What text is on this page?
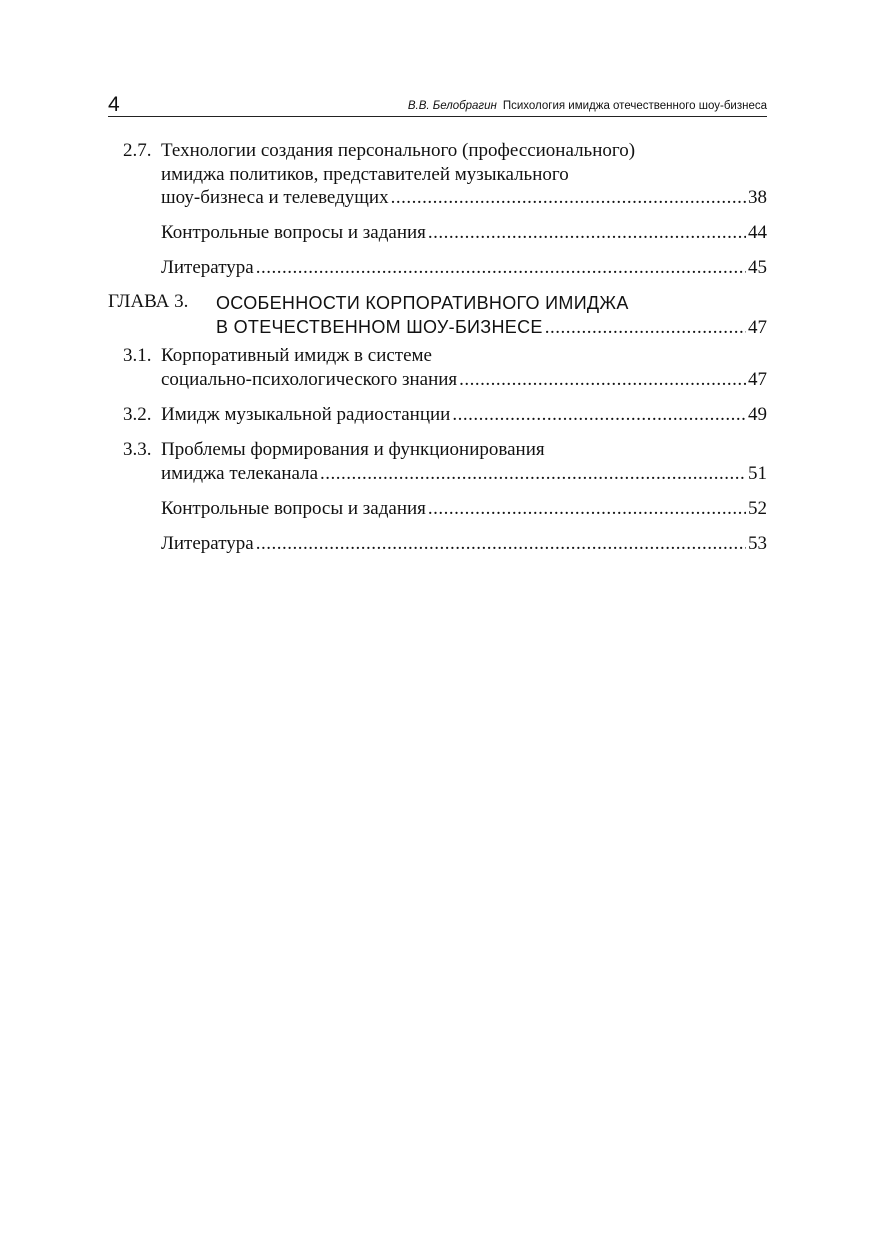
4	В.В. Белобрагин Психология имиджа отечественного шоу-бизнеса
2.7. Технологии создания персонального (профессионального)
имиджа политиков, представителей музыкального
шоу-бизнеса и телеведущих .....	38
Контрольные вопросы и задания .....	44
Литература .....	45
ГЛАВА 3. ОСОБЕННОСТИ КОРПОРАТИВНОГО ИМИДЖА
В ОТЕЧЕСТВЕННОМ ШОУ-БИЗНЕСЕ .....	47
3.1. Корпоративный имидж в системе
социально-психологического знания .....	47
3.2. Имидж музыкальной радиостанции .....	49
3.3. Проблемы формирования и функционирования
имиджа телеканала .....	51
Контрольные вопросы и задания .....	52
Литература .....	53
